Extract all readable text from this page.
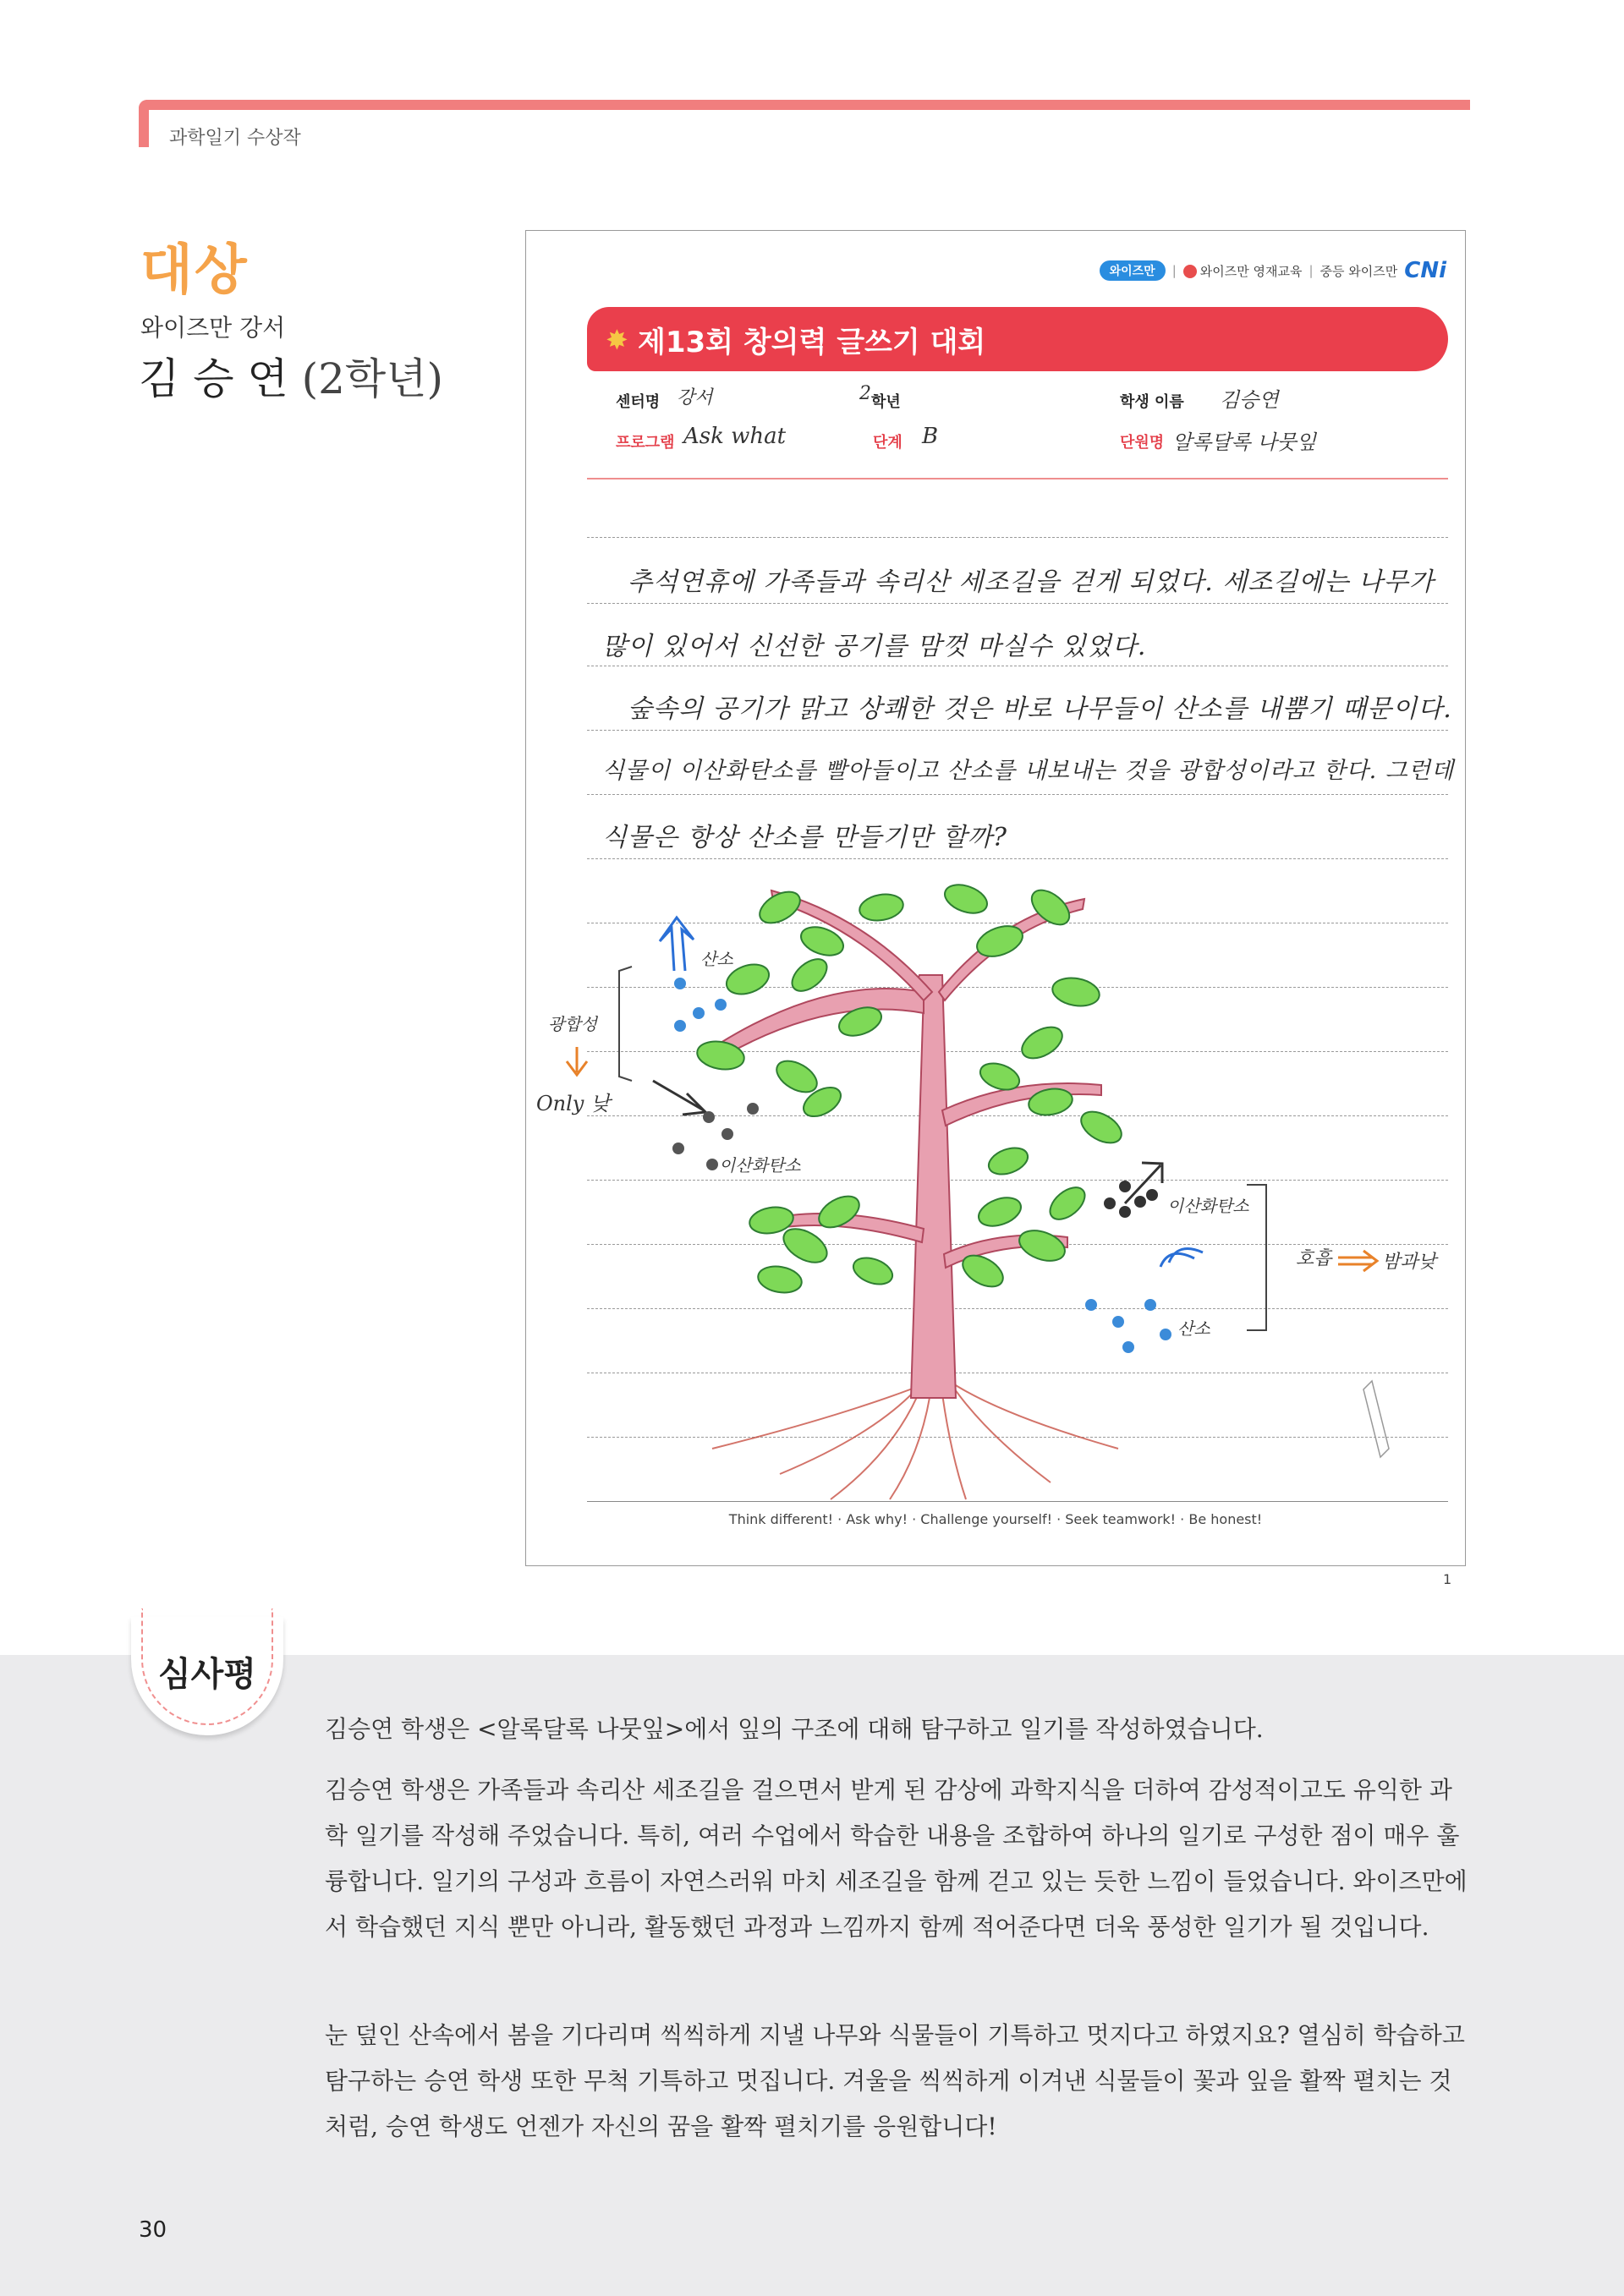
과학일기 수상작
대상
와이즈만 강서
김 승 연 (2학년)
와이즈만	|	와이즈만 영재교육 | 중등 와이즈만 CNi
✸ 제13회 창의력 글쓰기 대회
센터명 강서	2 학년	학생 이름 김승연
프로그램 Ask what	단계 B	단원명 알록달록 나뭇잎
추석연휴에 가족들과 속리산 세조길을 걷게 되었다. 세조길에는 나무가
많이 있어서 신선한 공기를 맘껏 마실수 있었다.
숲속의 공기가 맑고 상쾌한 것은 바로 나무들이 산소를 내뿜기 때문이다.
식물이 이산화탄소를 빨아들이고 산소를 내보내는 것을 광합성이라고 한다. 그런데
식물은 항상 산소를 만들기만 할까?
산소
광합성
Only 낮
이산화탄소
이산화탄소
산소
호흡	밤과낮
Think different! · Ask why! · Challenge yourself! · Seek teamwork! · Be honest!
1
심사평
김승연 학생은 <알록달록 나뭇잎>에서 잎의 구조에 대해 탐구하고 일기를 작성하였습니다.
김승연 학생은 가족들과 속리산 세조길을 걸으면서 받게 된 감상에 과학지식을 더하여 감성적이고도 유익한 과학 일기를 작성해 주었습니다. 특히, 여러 수업에서 학습한 내용을 조합하여 하나의 일기로 구성한 점이 매우 훌륭합니다. 일기의 구성과 흐름이 자연스러워 마치 세조길을 함께 걷고 있는 듯한 느낌이 들었습니다. 와이즈만에서 학습했던 지식 뿐만 아니라, 활동했던 과정과 느낌까지 함께 적어준다면 더욱 풍성한 일기가 될 것입니다.
눈 덮인 산속에서 봄을 기다리며 씩씩하게 지낼 나무와 식물들이 기특하고 멋지다고 하였지요? 열심히 학습하고 탐구하는 승연 학생 또한 무척 기특하고 멋집니다. 겨울을 씩씩하게 이겨낸 식물들이 꽃과 잎을 활짝 펼치는 것처럼, 승연 학생도 언젠가 자신의 꿈을 활짝 펼치기를 응원합니다!
30
